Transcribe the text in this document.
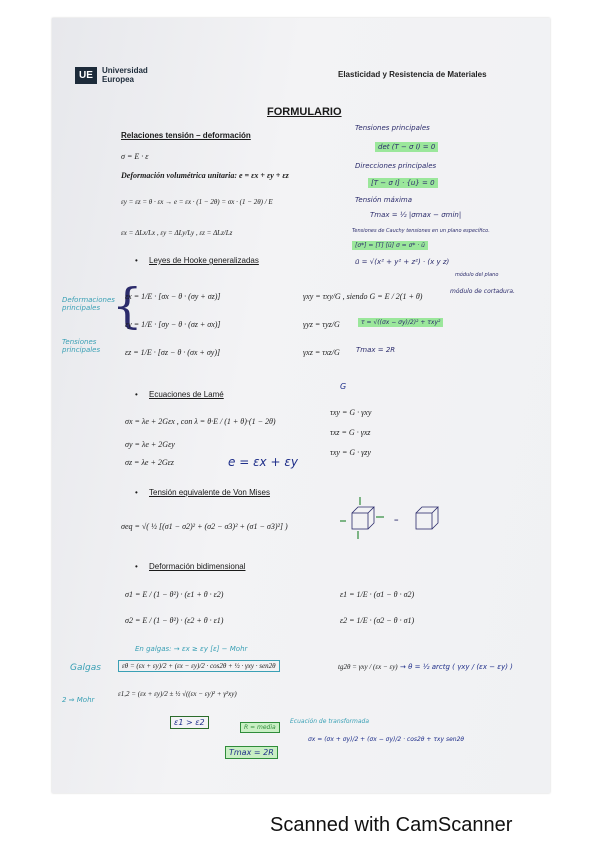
UE	Universidad
Europea
Elasticidad y Resistencia de Materiales
FORMULARIO
Relaciones tensión – deformación
σ = E · ε
Deformación volumétrica unitaria: e = εx + εy + εz
εy = εz = θ · εx → e = εx · (1 − 2θ) = σx · (1 − 2θ) / E
εx = ΔLx/Lx , εy = ΔLy/Ly , εz = ΔLz/Lz
• Leyes de Hooke generalizadas
{
εx = 1/E · [σx − θ · (σy + σz)]
εy = 1/E · [σy − θ · (σz + σx)]
εz = 1/E · [σz − θ · (σx + σy)]
γxy = τxy/G , siendo G = E / 2(1 + θ)
γyz = τyz/G
γxz = τxz/G
Deformaciones principales
Tensiones principales
• Ecuaciones de Lamé
σx = λe + 2Gεx , con λ = θ·E / (1 + θ)·(1 − 2θ)
σy = λe + 2Gεy
σz = λe + 2Gεz	e = εx + εy
G
τxy = G · γxy
τxz = G · γxz
τxy = G · γzy
• Tensión equivalente de Von Mises
σeq = √( ½ [(σ1 − σ2)² + (σ2 − σ3)² + (σ1 − σ3)²] )
=
• Deformación bidimensional
σ1 = E / (1 − θ²) · (ε1 + θ · ε2)
σ2 = E / (1 − θ²) · (ε2 + θ · ε1)
ε1 = 1/E · (σ1 − θ · σ2)
ε2 = 1/E · (σ2 − θ · σ1)
En galgas: → εx ≥ εy [ε] − Mohr
Galgas	εθ = (εx + εy)/2 + (εx − εy)/2 · cos2θ + ½ · γxy · sen2θ
2 ⇒ Mohr
ε1,2 = (εx + εy)/2 ± ½ √((εx − εy)² + γ²xy)
ε1 > ε2
R = media
Tmax = 2R
tg2θ = γxy / (εx − εy) → θ = ½ arctg ( γxy / (εx − εy) )
Ecuación de transformada
σx = (σx + σy)/2 + (σx − σy)/2 · cos2θ + τxy sen2θ
Tensiones principales
det (T − σ I) = 0
Direcciones principales
[T − σ I] · {u} = 0
Tensión máxima
Tmax = ½ |σmax − σmin|
Tensiones de Cauchy tensiones en un plano específico.
[σ*] = [T] [ū] σ = σ* · ū
ū = √(x² + y² + z²) · (x y z)
módulo del plano
módulo de cortadura.
τ = √((σx − σy)/2)² + τxy²
Tmax = 2R
Scanned with CamScanner
